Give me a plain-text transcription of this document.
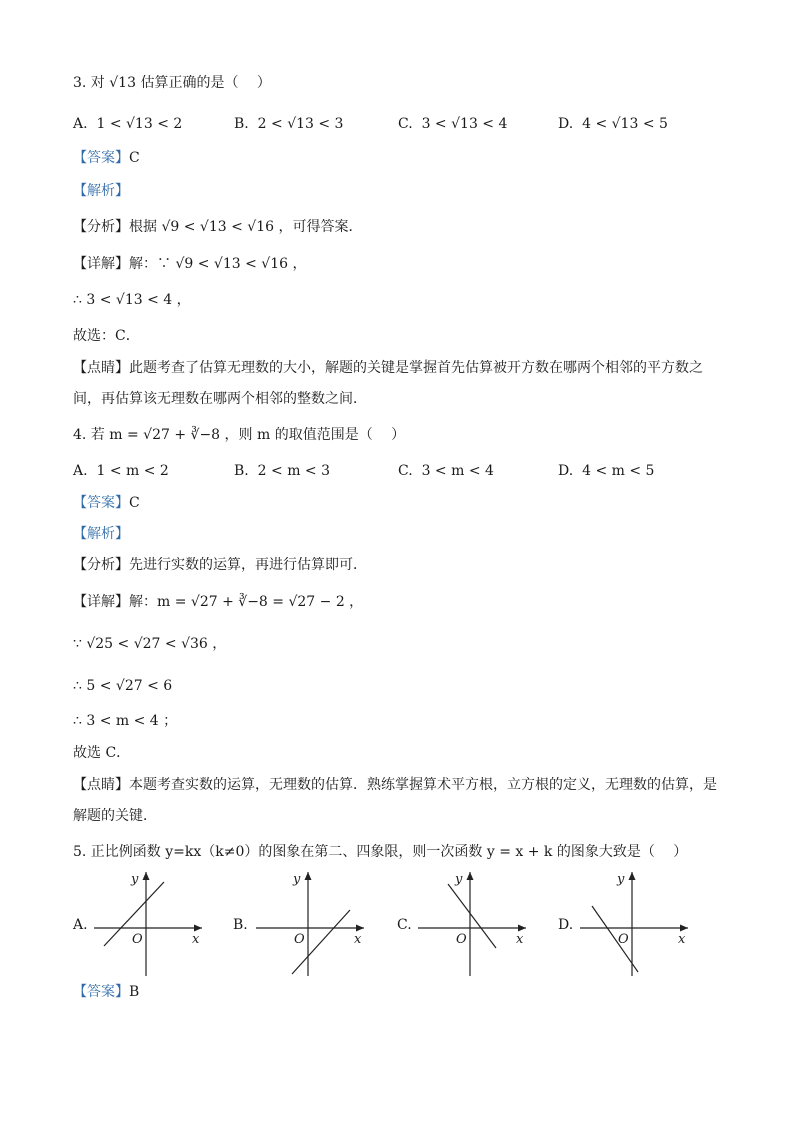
3. 对 √13 估算正确的是（　 ）
A. 1 < √13 < 2	B. 2 < √13 < 3	C. 3 < √13 < 4	D. 4 < √13 < 5
【答案】C
【解析】
【分析】根据 √9 < √13 < √16 ，可得答案．
【详解】解：∵ √9 < √13 < √16 ，
∴ 3 < √13 < 4 ，
故选：C．
【点睛】此题考查了估算无理数的大小，解题的关键是掌握首先估算被开方数在哪两个相邻的平方数之
间，再估算该无理数在哪两个相邻的整数之间．
4. 若 m = √27 + ∛−8 ，则 m 的取值范围是（　 ）
A. 1 < m < 2	B. 2 < m < 3	C. 3 < m < 4	D. 4 < m < 5
【答案】C
【解析】
【分析】先进行实数的运算，再进行估算即可．
【详解】解：m = √27 + ∛−8 = √27 − 2 ，
∵ √25 < √27 < √36 ，
∴ 5 < √27 < 6
∴ 3 < m < 4 ；
故选 C．
【点睛】本题考查实数的运算，无理数的估算．熟练掌握算术平方根，立方根的定义，无理数的估算，是
解题的关键．
5. 正比例函数 y=kx（k≠0）的图象在第二、四象限，则一次函数 y = x + k 的图象大致是（　 ）
A.
O	x
y
B.
O	x
y
C.
O	x
y
D.
O	x
y
【答案】B
